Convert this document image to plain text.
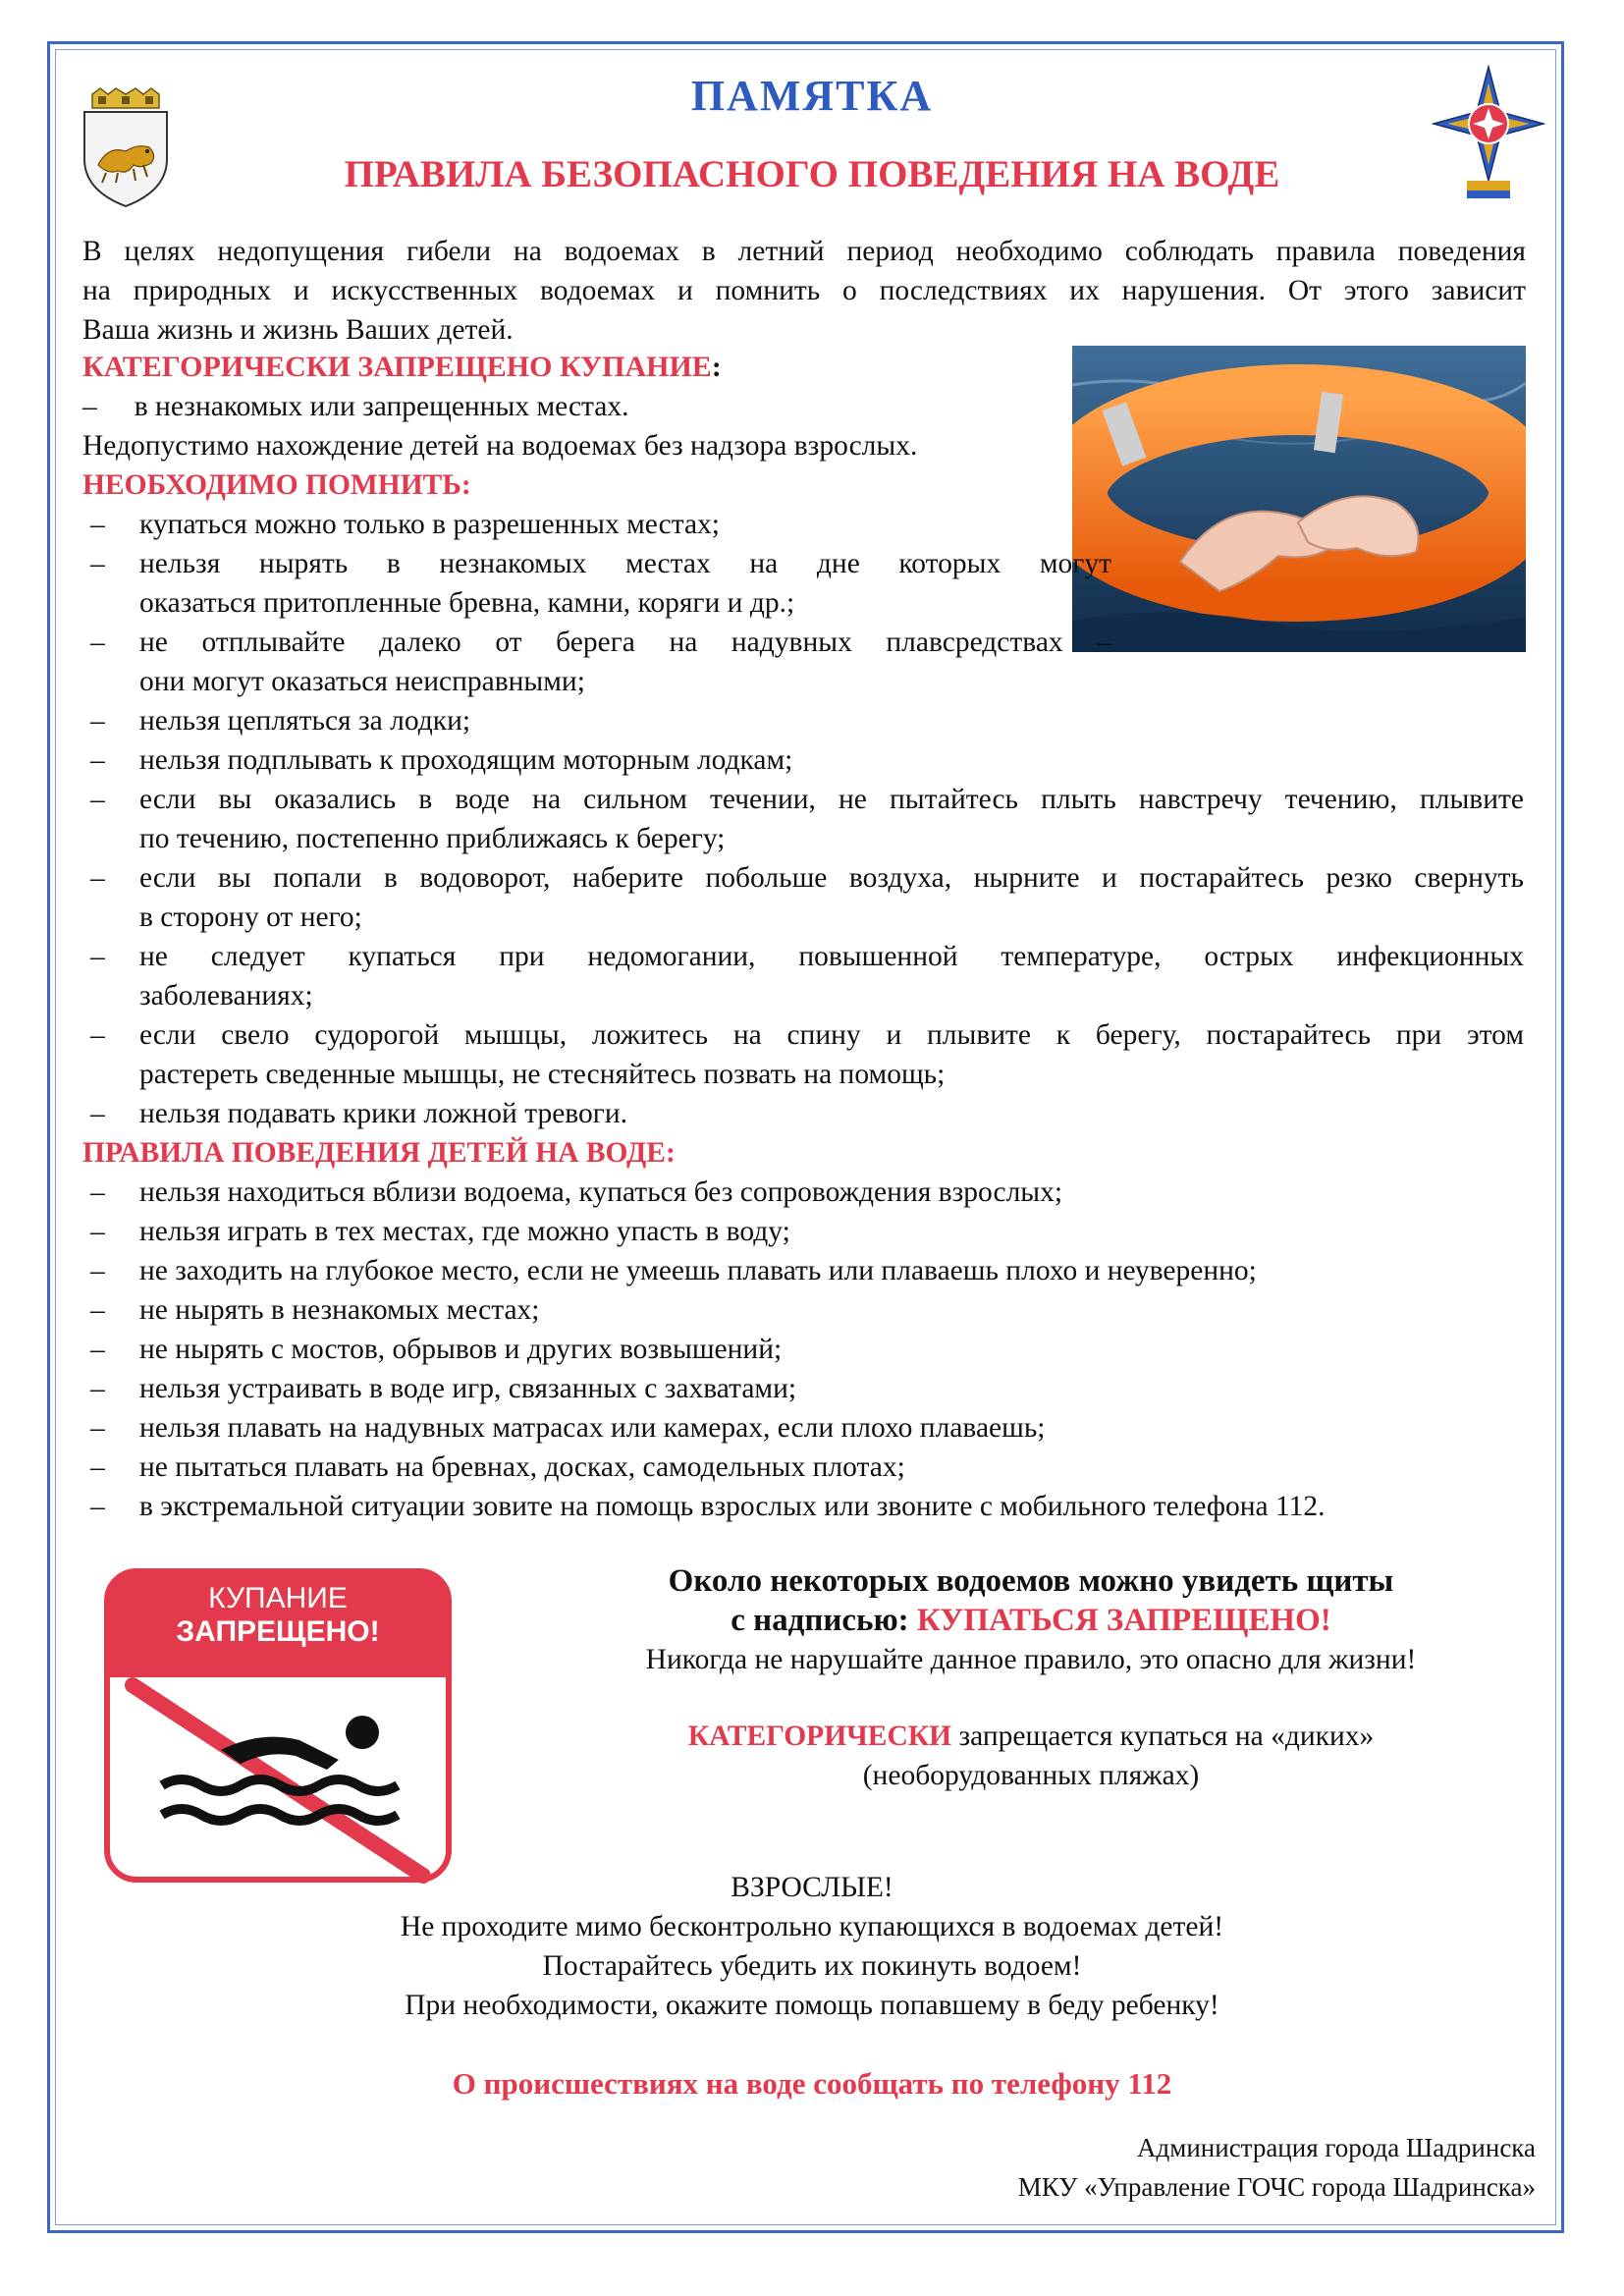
ПАМЯТКА
ПРАВИЛА БЕЗОПАСНОГО ПОВЕДЕНИЯ НА ВОДЕ
В целях недопущения гибели на водоемах в летний период необходимо соблюдать правила поведения
на природных и искусственных водоемах и помнить о последствиях их нарушения. От этого зависит
Ваша жизнь и жизнь Ваших детей.
КАТЕГОРИЧЕСКИ ЗАПРЕЩЕНО КУПАНИЕ:
– в незнакомых или запрещенных местах.
Недопустимо нахождение детей на водоемах без надзора взрослых.
НЕОБХОДИМО ПОМНИТЬ:
– купаться можно только в разрешенных местах;
– нельзя нырять в незнакомых местах на дне которых могут
оказаться притопленные бревна, камни, коряги и др.;
– не отплывайте далеко от берега на надувных плавсредствах –
они могут оказаться неисправными;
– нельзя цепляться за лодки;
– нельзя подплывать к проходящим моторным лодкам;
– если вы оказались в воде на сильном течении, не пытайтесь плыть навстречу течению, плывите
по течению, постепенно приближаясь к берегу;
– если вы попали в водоворот, наберите побольше воздуха, нырните и постарайтесь резко свернуть
в сторону от него;
– не следует купаться при недомогании, повышенной температуре, острых инфекционных
заболеваниях;
– если свело судорогой мышцы, ложитесь на спину и плывите к берегу, постарайтесь при этом
растереть сведенные мышцы, не стесняйтесь позвать на помощь;
– нельзя подавать крики ложной тревоги.
ПРАВИЛА ПОВЕДЕНИЯ ДЕТЕЙ НА ВОДЕ:
– нельзя находиться вблизи водоема, купаться без сопровождения взрослых;
– нельзя играть в тех местах, где можно упасть в воду;
– не заходить на глубокое место, если не умеешь плавать или плаваешь плохо и неуверенно;
– не нырять в незнакомых местах;
– не нырять с мостов, обрывов и других возвышений;
– нельзя устраивать в воде игр, связанных с захватами;
– нельзя плавать на надувных матрасах или камерах, если плохо плаваешь;
– не пытаться плавать на бревнах, досках, самодельных плотах;
– в экстремальной ситуации зовите на помощь взрослых или звоните с мобильного телефона 112.
КУПАНИЕ
ЗАПРЕЩЕНО!
Около некоторых водоемов можно увидеть щиты
с надписью: КУПАТЬСЯ ЗАПРЕЩЕНО!
Никогда не нарушайте данное правило, это опасно для жизни!
КАТЕГОРИЧЕСКИ запрещается купаться на «диких»
(необорудованных пляжах)
ВЗРОСЛЫЕ!
Не проходите мимо бесконтрольно купающихся в водоемах детей!
Постарайтесь убедить их покинуть водоем!
При необходимости, окажите помощь попавшему в беду ребенку!
О происшествиях на воде сообщать по телефону 112
Администрация города Шадринска
МКУ «Управление ГОЧС города Шадринска»
